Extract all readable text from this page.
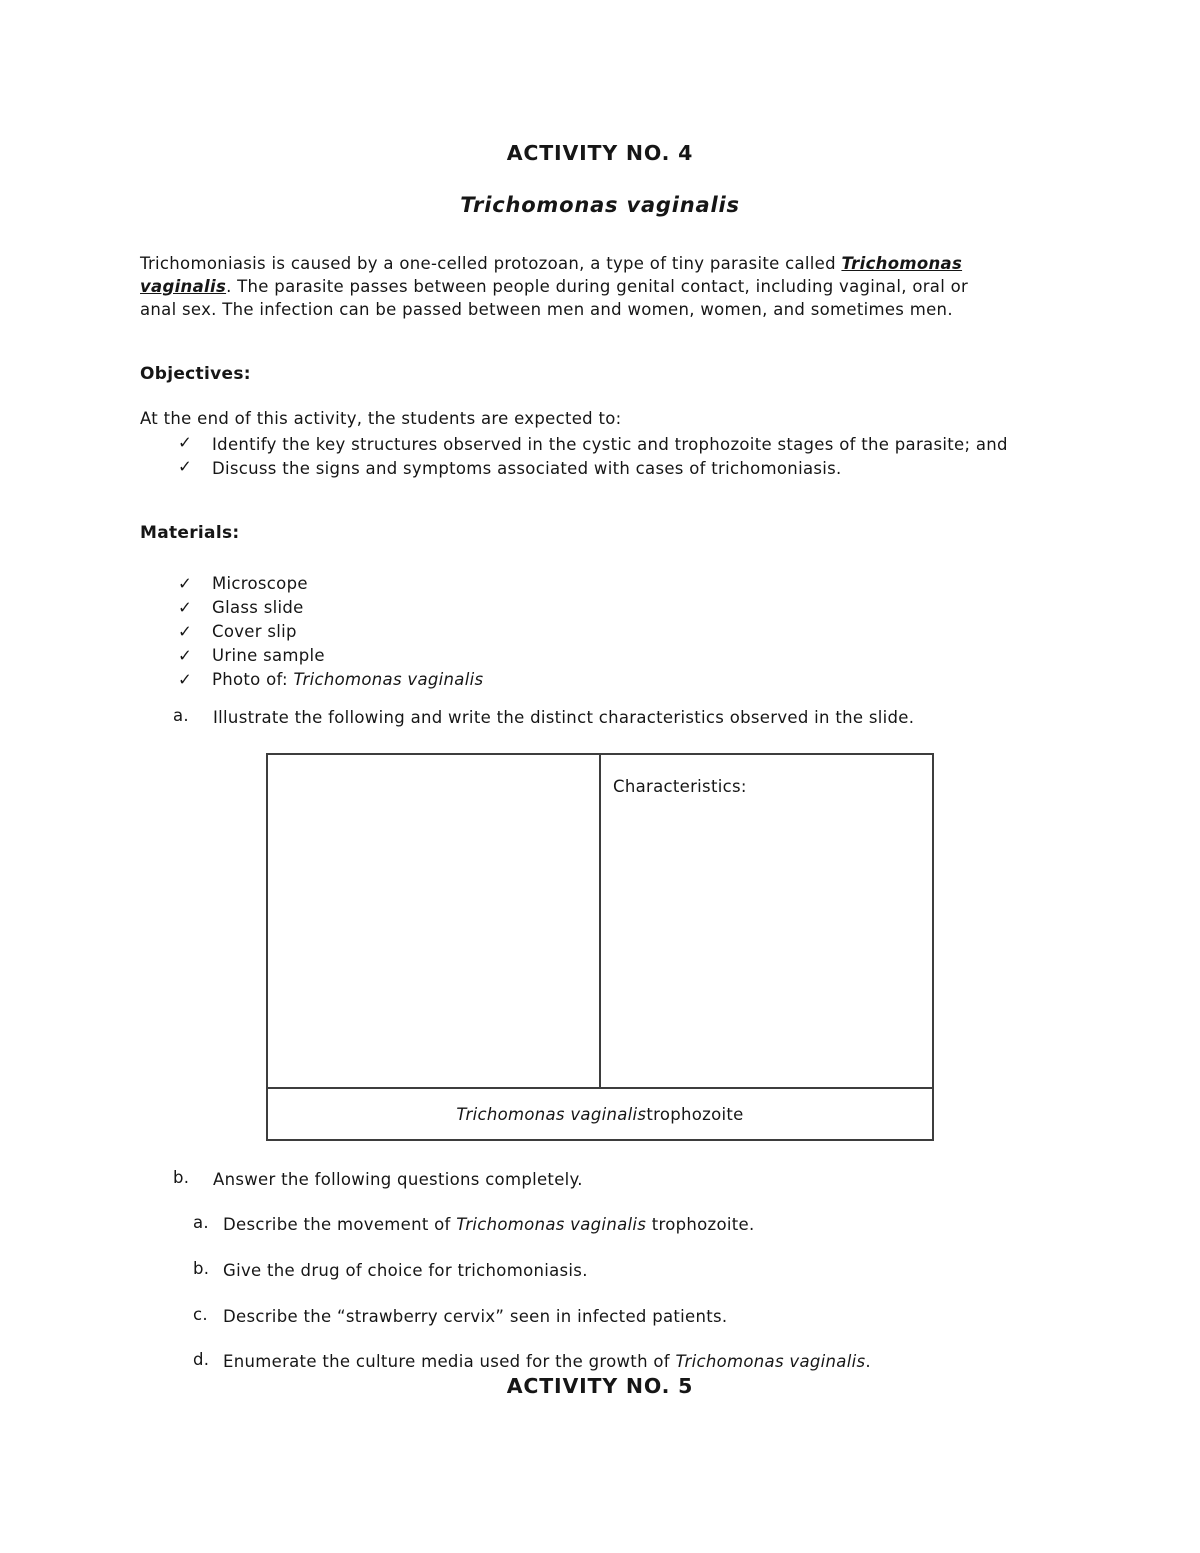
ACTIVITY NO. 4
Trichomonas vaginalis
Trichomoniasis is caused by a one-celled protozoan, a type of tiny parasite called Trichomonas vaginalis. The parasite passes between people during genital contact, including vaginal, oral or anal sex. The infection can be passed between men and women, women, and sometimes men.
Objectives:
At the end of this activity, the students are expected to:
✓	Identify the key structures observed in the cystic and trophozoite stages of the parasite; and
✓	Discuss the signs and symptoms associated with cases of trichomoniasis.
Materials:
✓	Microscope
✓	Glass slide
✓	Cover slip
✓	Urine sample
✓	Photo of: Trichomonas vaginalis
a.	Illustrate the following and write the distinct characteristics observed in the slide.
Characteristics:
Trichomonas vaginalis trophozoite
b.	Answer the following questions completely.
a. Describe the movement of Trichomonas vaginalis trophozoite.
b. Give the drug of choice for trichomoniasis.
c. Describe the “strawberry cervix” seen in infected patients.
d. Enumerate the culture media used for the growth of Trichomonas vaginalis.
ACTIVITY NO. 5
